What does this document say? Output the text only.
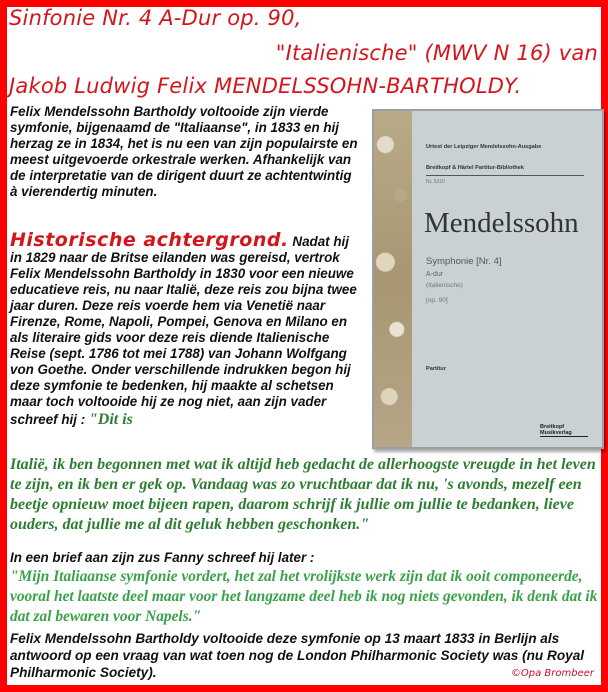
Sinfonie Nr. 4 A-Dur op. 90,
"Italienische" (MWV N 16) van
Jakob Ludwig Felix MENDELSSOHN-BARTHOLDY.
Felix Mendelssohn Bartholdy voltooide zijn vierde symfonie, bijgenaamd de "Italiaanse", in 1833 en hij herzag ze in 1834, het is nu een van zijn populairste en meest uitgevoerde orkestrale werken. Afhankelijk van de interpretatie van de dirigent duurt ze achtentwintig à vierendertig minuten.
Historische achtergrond. Nadat hij in 1829 naar de Britse eilanden was gereisd, vertrok Felix Mendelssohn Bartholdy in 1830 voor een nieuwe educatieve reis, nu naar Italië, deze reis zou bijna twee jaar duren. Deze reis voerde hem via Venetië naar Firenze, Rome, Napoli, Pompei, Genova en Milano en als literaire gids voor deze reis diende Italienische Reise (sept. 1786 tot mei 1788) van Johann Wolfgang von Goethe. Onder verschillende indrukken begon hij deze symfonie te bedenken, hij maakte al schetsen maar toch voltooide hij ze nog niet, aan zijn vader schreef hij : "Dit is
Italië, ik ben begonnen met wat ik altijd heb gedacht de allerhoogste vreugde in het leven te zijn, en ik ben er gek op. Vandaag was zo vruchtbaar dat ik nu, 's avonds, mezelf een beetje opnieuw moet bijeen rapen, daarom schrijf ik jullie om jullie te bedanken, lieve ouders, dat jullie me al dit geluk hebben geschonken."
In een brief aan zijn zus Fanny schreef hij later :
"Mijn Italiaanse symfonie vordert, het zal het vrolijkste werk zijn dat ik ooit componeerde, vooral het laatste deel maar voor het langzame deel heb ik nog niets gevonden, ik denk dat ik dat zal bewaren voor Napels."
Felix Mendelssohn Bartholdy voltooide deze symfonie op 13 maart 1833 in Berlijn als antwoord op een vraag van wat toen nog de London Philharmonic Society was (nu Royal Philharmonic Society).	©Opa Brombeer
Urtext der Leipziger Mendelssohn-Ausgabe
Breitkopf & Härtel Partitur-Bibliothek
Nr. 5310
Mendelssohn
Symphonie [Nr. 4]
A-dur
(Italienische)
[op. 90]
Partitur
Breitkopf Musikverlag
